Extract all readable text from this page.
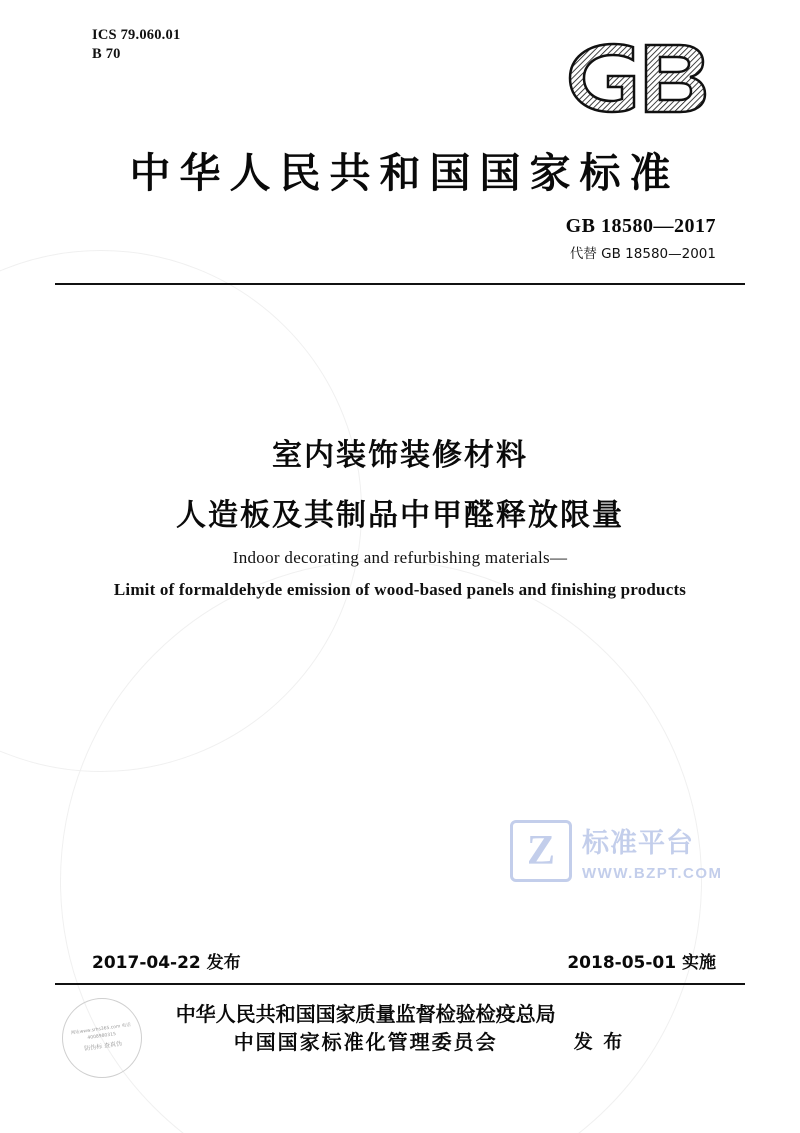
ICS 79.060.01
B 70
中华人民共和国国家标准
GB 18580—2017
代替 GB 18580—2001
室内装饰装修材料
人造板及其制品中甲醛释放限量
Indoor decorating and refurbishing materials—
Limit of formaldehyde emission of wood-based panels and finishing products
Z	标准平台
WWW.BZPT.COM
2017-04-22 发布	2018-05-01 实施
网址www.srhs365.com 电话4008980315
防伪标 查真伪
中华人民共和国国家质量监督检验检疫总局
中国国家标准化管理委员会	发 布
